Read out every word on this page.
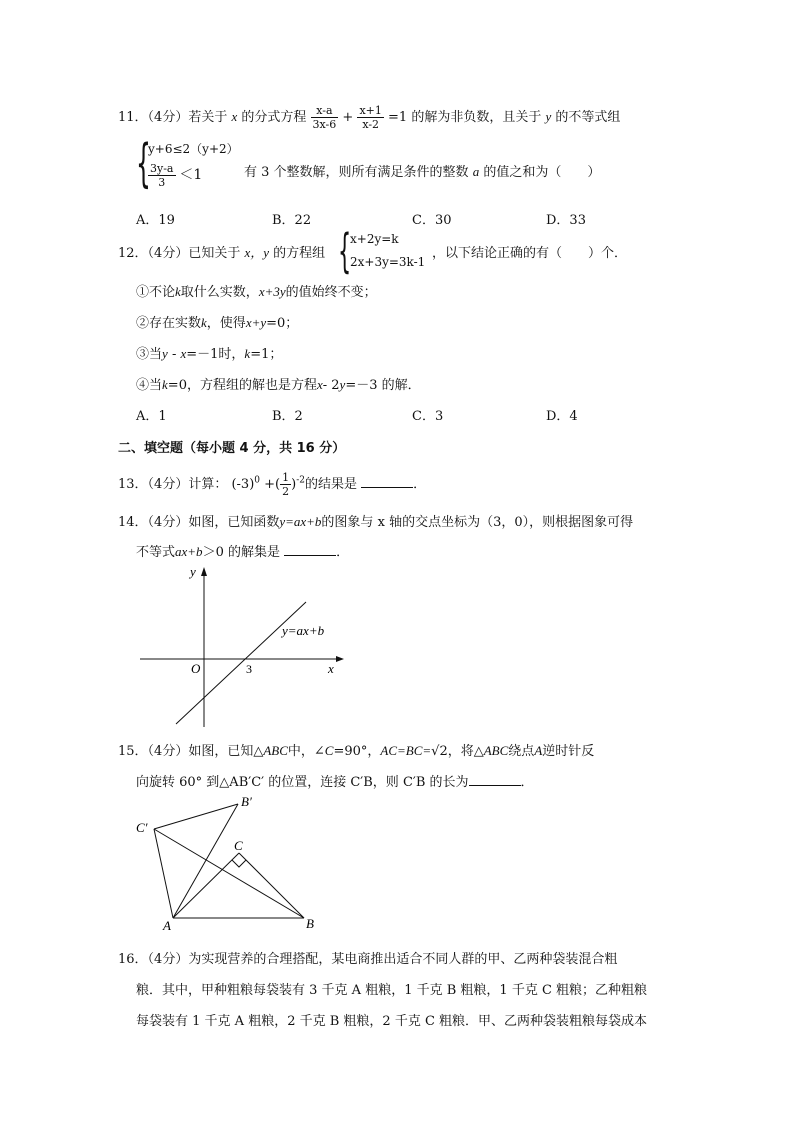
11．（4分）若关于 x 的分式方程 $\frac{x-a}{3x-6} + \frac{x+1}{x-2} =1$ 的解为非负数，且关于 y 的不等式组
{
y+6≤2（y+2）
$\frac{3y-a}{3} <1$	有 3 个整数解，则所有满足条件的整数 a 的值之和为（　　）
A．19	B．22	C．30	D．33
12．（4分）已知关于 x，y 的方程组 {
x+2y=k
2x+3y=3k-1
，以下结论正确的有（　　）个．
①不论k取什么实数，x+3y的值始终不变；
②存在实数k，使得x+y=0；
③当y - x=－1时，k=1；
④当k=0，方程组的解也是方程x- 2y=－3 的解．
A．1	B．2	C．3	D．4
二、填空题（每小题 4 分，共 16 分）
13．（4分）计算： $(-3)^0$ +( $\frac{1}{2} )^{-2}$的结果是	．
14．（4分）如图，已知函数y=ax+b的图象与 x 轴的交点坐标为（3，0），则根据图象可得
不等式ax+b＞0 的解集是	．
y
x
O	3
y=ax+b
15．（4分）如图，已知△ABC中，∠C=90°，AC=BC=√2，将△ABC绕点A逆时针反
向旋转 60° 到△AB′C′ 的位置，连接 C′B，则 C′B 的长为	．
A	B
C
B′
C′
16．（4分）为实现营养的合理搭配，某电商推出适合不同人群的甲、乙两种袋装混合粗
粮．其中，甲种粗粮每袋装有 3 千克 A 粗粮，1 千克 B 粗粮，1 千克 C 粗粮；乙种粗粮
每袋装有 1 千克 A 粗粮，2 千克 B 粗粮，2 千克 C 粗粮．甲、乙两种袋装粗粮每袋成本
